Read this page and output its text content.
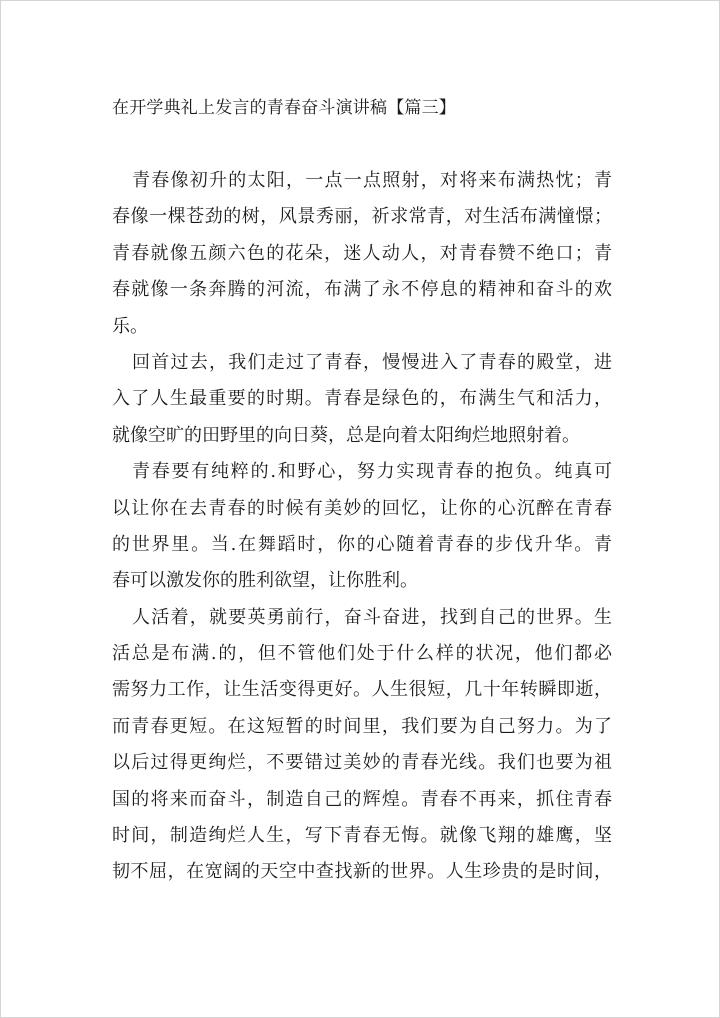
在开学典礼上发言的青春奋斗演讲稿【篇三】
青春像初升的太阳，一点一点照射，对将来布满热忱；青
春像一棵苍劲的树，风景秀丽，祈求常青，对生活布满憧憬；
青春就像五颜六色的花朵，迷人动人，对青春赞不绝口；青
春就像一条奔腾的河流，布满了永不停息的精神和奋斗的欢
乐。
回首过去，我们走过了青春，慢慢进入了青春的殿堂，进
入了人生最重要的时期。青春是绿色的，布满生气和活力，
就像空旷的田野里的向日葵，总是向着太阳绚烂地照射着。
青春要有纯粹的.和野心，努力实现青春的抱负。纯真可
以让你在去青春的时候有美妙的回忆，让你的心沉醉在青春
的世界里。当.在舞蹈时，你的心随着青春的步伐升华。青
春可以激发你的胜利欲望，让你胜利。
人活着，就要英勇前行，奋斗奋进，找到自己的世界。生
活总是布满.的，但不管他们处于什么样的状况，他们都必
需努力工作，让生活变得更好。人生很短，几十年转瞬即逝，
而青春更短。在这短暂的时间里，我们要为自己努力。为了
以后过得更绚烂，不要错过美妙的青春光线。我们也要为祖
国的将来而奋斗，制造自己的辉煌。青春不再来，抓住青春
时间，制造绚烂人生，写下青春无悔。就像飞翔的雄鹰，坚
韧不屈，在宽阔的天空中查找新的世界。人生珍贵的是时间，
